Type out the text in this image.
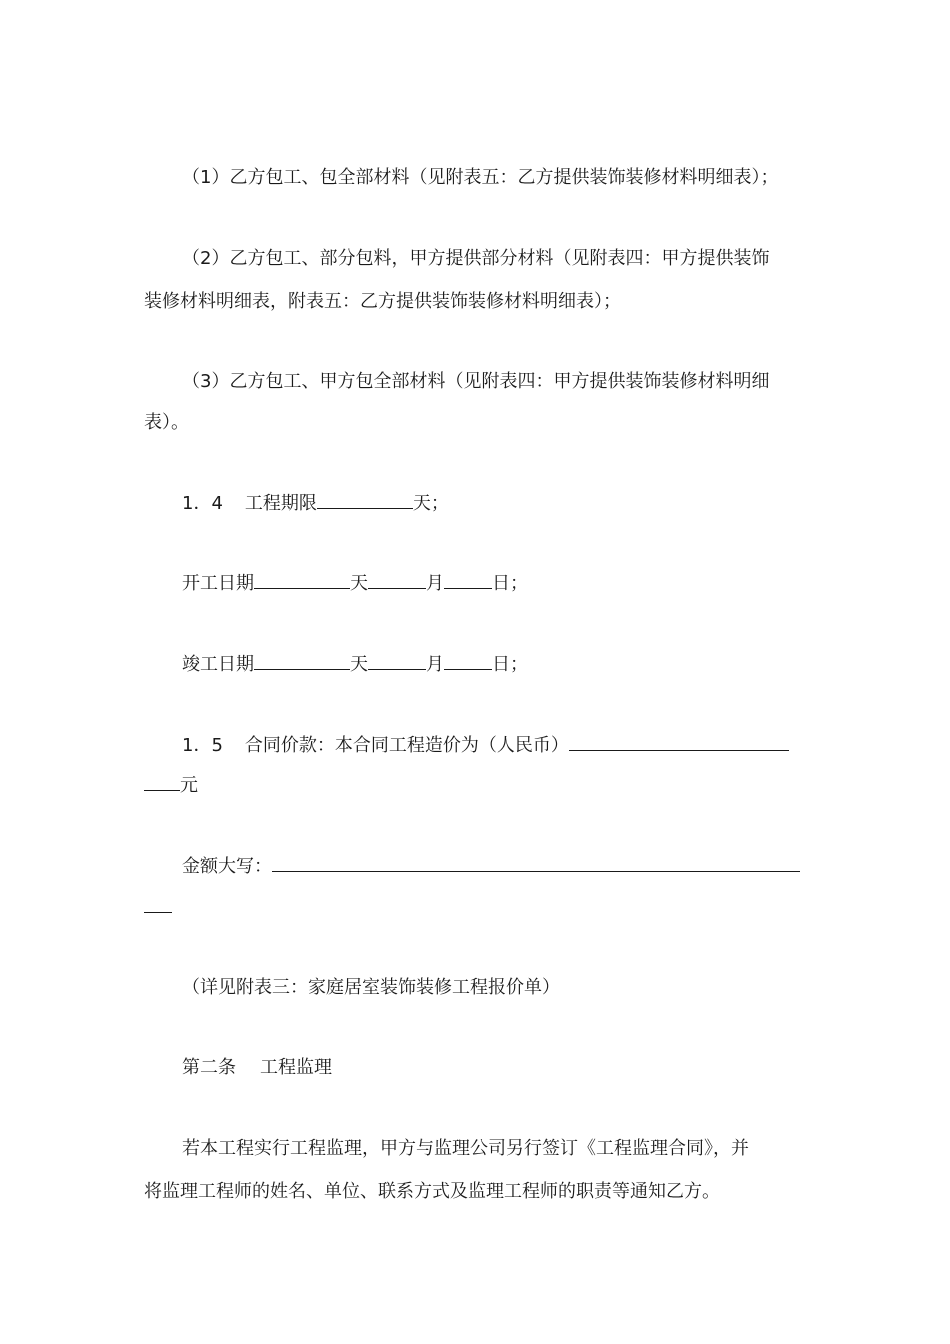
（1）乙方包工、包全部材料（见附表五：乙方提供装饰装修材料明细表）；
（2）乙方包工、部分包料，甲方提供部分材料（见附表四：甲方提供装饰
装修材料明细表，附表五：乙方提供装饰装修材料明细表）；
（3）乙方包工、甲方包全部材料（见附表四：甲方提供装饰装修材料明细
表）。
1．4 工程期限	天；
开工日期	天	月	日；
竣工日期	天	月	日；
1．5 合同价款：本合同工程造价为（人民币）
元
金额大写：
（详见附表三：家庭居室装饰装修工程报价单）
第二条 工程监理
若本工程实行工程监理，甲方与监理公司另行签订《工程监理合同》，并
将监理工程师的姓名、单位、联系方式及监理工程师的职责等通知乙方。
